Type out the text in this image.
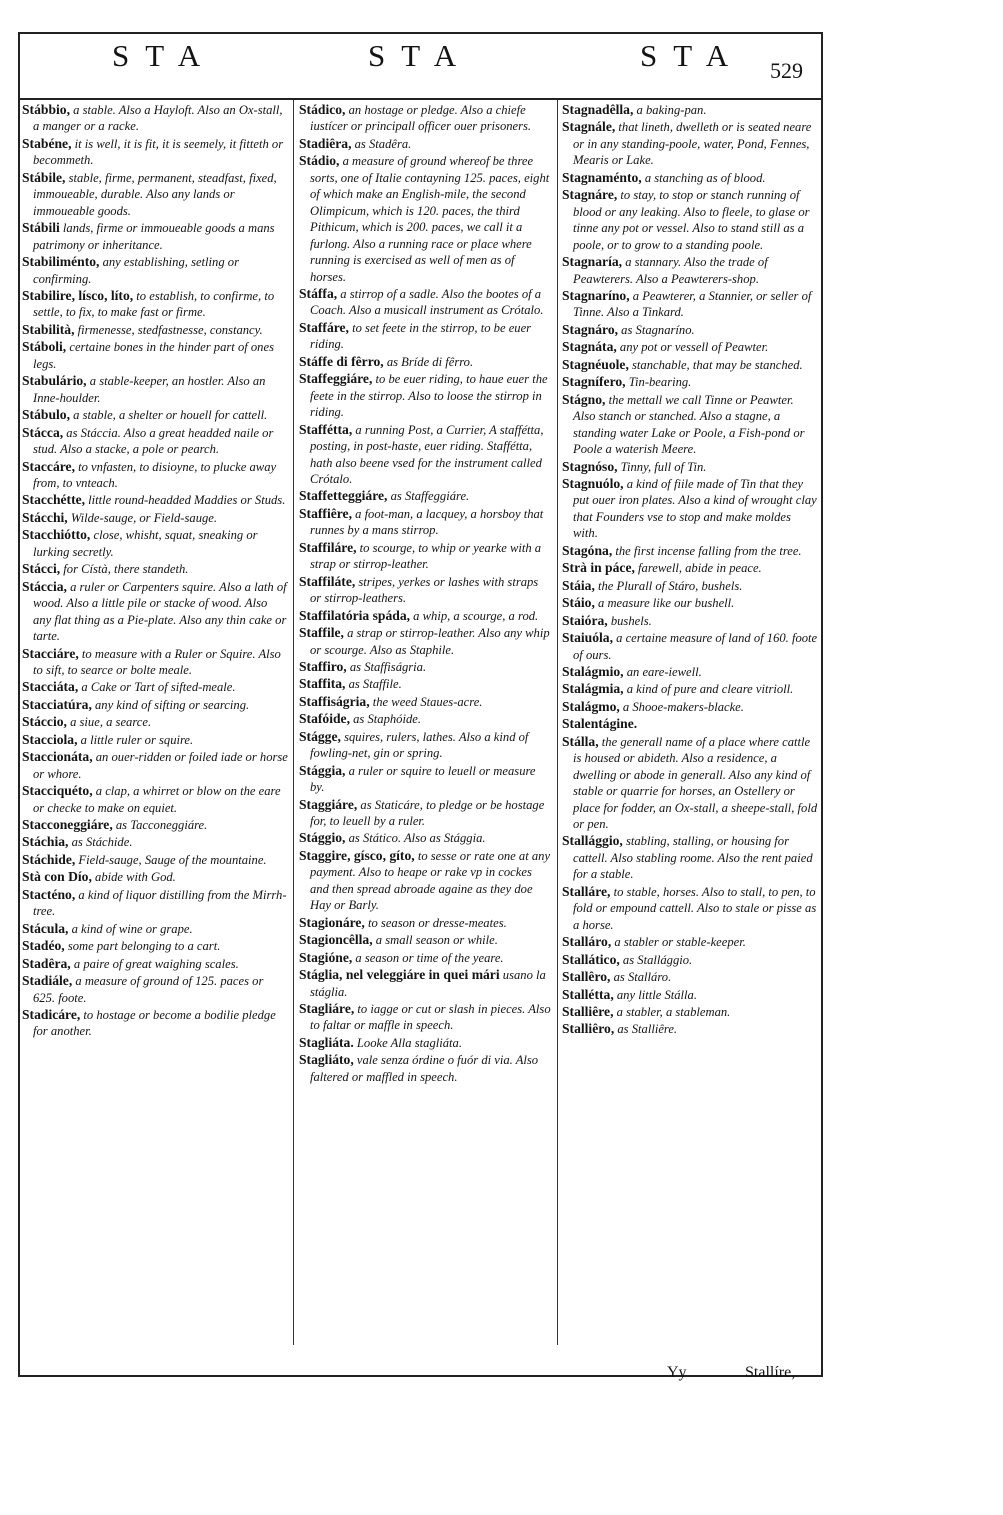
STA	STA	STA 529
Stábbio, a stable. Also a Hayloft. Also an Ox-stall, a manger or a racke.
Stabéne, it is well, it is fit, it is seemely, it fitteth or becommeth.
Stábile, stable, firme, permanent, steadfast, fixed, immoueable, durable. Also any lands or immoueable goods.
Stábili lands, firme or immoueable goods a mans patrimony or inheritance.
Stabiliménto, any establishing, setling or confirming.
Stabilire, lísco, líto, to establish, to confirme, to settle, to fix, to make fast or firme.
Stabilità, firmenesse, stedfastnesse, constancy.
Stáboli, certaine bones in the hinder part of ones legs.
Stabulário, a stable-keeper, an hostler. Also an Inne-houlder.
Stábulo, a stable, a shelter or houell for cattell.
Stácca, as Stáccia. Also a great headded naile or stud. Also a stacke, a pole or pearch.
Staccáre, to vnfasten, to disioyne, to plucke away from, to vnteach.
Stacchétte, little round-headded Maddies or Studs.
Stácchi, Wilde-sauge, or Field-sauge.
Stacchiótto, close, whisht, squat, sneaking or lurking secretly.
Stácci, for Cístà, there standeth.
Stáccia, a ruler or Carpenters squire. Also a lath of wood. Also a little pile or stacke of wood. Also any flat thing as a Pie-plate. Also any thin cake or tarte.
Stacciáre, to measure with a Ruler or Squire. Also to sift, to searce or bolte meale.
Stacciáta, a Cake or Tart of sifted-meale.
Stacciatúra, any kind of sifting or searcing.
Stáccio, a siue, a searce.
Stacciola, a little ruler or squire.
Staccionáta, an ouer-ridden or foiled iade or horse or whore.
Stacciquéto, a clap, a whirret or blow on the eare or checke to make on equiet.
Stacconeggiáre, as Tacconeggiáre.
Stáchia, as Stáchide.
Stáchide, Field-sauge, Sauge of the mountaine.
Stà con Dío, abide with God.
Stacténo, a kind of liquor distilling from the Mirrh-tree.
Stácula, a kind of wine or grape.
Stadéo, some part belonging to a cart.
Stadêra, a paire of great waighing scales.
Stadiále, a measure of ground of 125. paces or 625. foote.
Stadicáre, to hostage or become a bodilie pledge for another.
Stádico, an hostage or pledge. Also a chiefe iustícer or principall officer ouer prisoners.
Stadiêra, as Stadêra.
Stádio, a measure of ground whereof be three sorts, one of Italie contayning 125. paces, eight of which make an English-mile, the second Olimpicum, which is 120. paces, the third Pithicum, which is 200. paces, we call it a furlong. Also a running race or place where running is exercised as well of men as of horses.
Stáffa, a stirrop of a sadle. Also the bootes of a Coach. Also a musicall instrument as Crótalo.
Staffáre, to set feete in the stirrop, to be euer riding.
Stáffe di fêrro, as Bríde di fêrro.
Staffeggiáre, to be euer riding, to haue euer the feete in the stirrop. Also to loose the stirrop in riding.
Staffétta, a running Post, a Currier, A staffétta, posting, in post-haste, euer riding. Staffétta, hath also beene vsed for the instrument called Crótalo.
Staffetteggiáre, as Staffeggiáre.
Staffiêre, a foot-man, a lacquey, a horsboy that runnes by a mans stirrop.
Staffiláre, to scourge, to whip or yearke with a strap or stirrop-leather.
Staffiláte, stripes, yerkes or lashes with straps or stirrop-leathers.
Staffilatória spáda, a whip, a scourge, a rod.
Staffile, a strap or stirrop-leather. Also any whip or scourge. Also as Staphile.
Staffiro, as Staffiságria.
Staffita, as Staffile.
Staffiságria, the weed Staues-acre.
Stafóide, as Staphóide.
Stágge, squires, rulers, lathes. Also a kind of fowling-net, gin or spring.
Stággia, a ruler or squire to leuell or measure by.
Staggiáre, as Staticáre, to pledge or be hostage for, to leuell by a ruler.
Stággio, as Stático. Also as Stággia.
Staggire, gísco, gíto, to sesse or rate one at any payment. Also to heape or rake vp in cockes and then spread abroade againe as they doe Hay or Barly.
Stagionáre, to season or dresse-meates.
Stagioncêlla, a small season or while.
Stagióne, a season or time of the yeare.
Stáglia, nel veleggiáre in quei mári usano la stáglia.
Stagliáre, to iagge or cut or slash in pieces. Also to faltar or maffle in speech.
Stagliáta. Looke Alla stagliáta.
Stagliáto, vale senza órdine o fuór di via. Also faltered or maffled in speech.
Stagnadêlla, a baking-pan.
Stagnále, that lineth, dwelleth or is seated neare or in any standing-poole, water, Pond, Fennes, Mearis or Lake.
Stagnaménto, a stanching as of blood.
Stagnáre, to stay, to stop or stanch running of blood or any leaking. Also to fleele, to glase or tinne any pot or vessel. Also to stand still as a poole, or to grow to a standing poole.
Stagnaría, a stannary. Also the trade of Peawterers. Also a Peawterers-shop.
Stagnaríno, a Peawterer, a Stannier, or seller of Tinne. Also a Tinkard.
Stagnáro, as Stagnaríno.
Stagnáta, any pot or vessell of Peawter.
Stagnéuole, stanchable, that may be stanched.
Stagnífero, Tin-bearing.
Stágno, the mettall we call Tinne or Peawter. Also stanch or stanched. Also a stagne, a standing water Lake or Poole, a Fish-pond or Poole a waterish Meere.
Stagnóso, Tinny, full of Tin.
Stagnuólo, a kind of fiile made of Tin that they put ouer iron plates. Also a kind of wrought clay that Founders vse to stop and make moldes with.
Stagóna, the first incense falling from the tree.
Strà in páce, farewell, abide in peace.
Stáia, the Plurall of Stáro, bushels.
Stáio, a measure like our bushell.
Staióra, bushels.
Staiuóla, a certaine measure of land of 160. foote of ours.
Stalágmio, an eare-iewell.
Stalágmia, a kind of pure and cleare vitrioll.
Stalágmo, a Shooe-makers-blacke.
Stalentágine.
Stálla, the generall name of a place where cattle is housed or abideth. Also a residence, a dwelling or abode in generall. Also any kind of stable or quarrie for horses, an Ostellery or place for fodder, an Ox-stall, a sheepe-stall, fold or pen.
Stallággio, stabling, stalling, or housing for cattell. Also stabling roome. Also the rent paied for a stable.
Stalláre, to stable, horses. Also to stall, to pen, to fold or empound cattell. Also to stale or pisse as a horse.
Stalláro, a stabler or stable-keeper.
Stallático, as Stallággio.
Stallêro, as Stalláro.
Stallétta, any little Stálla.
Stalliêre, a stabler, a stableman.
Stalliêro, as Stalliêre.
Yy	Stallíre,
